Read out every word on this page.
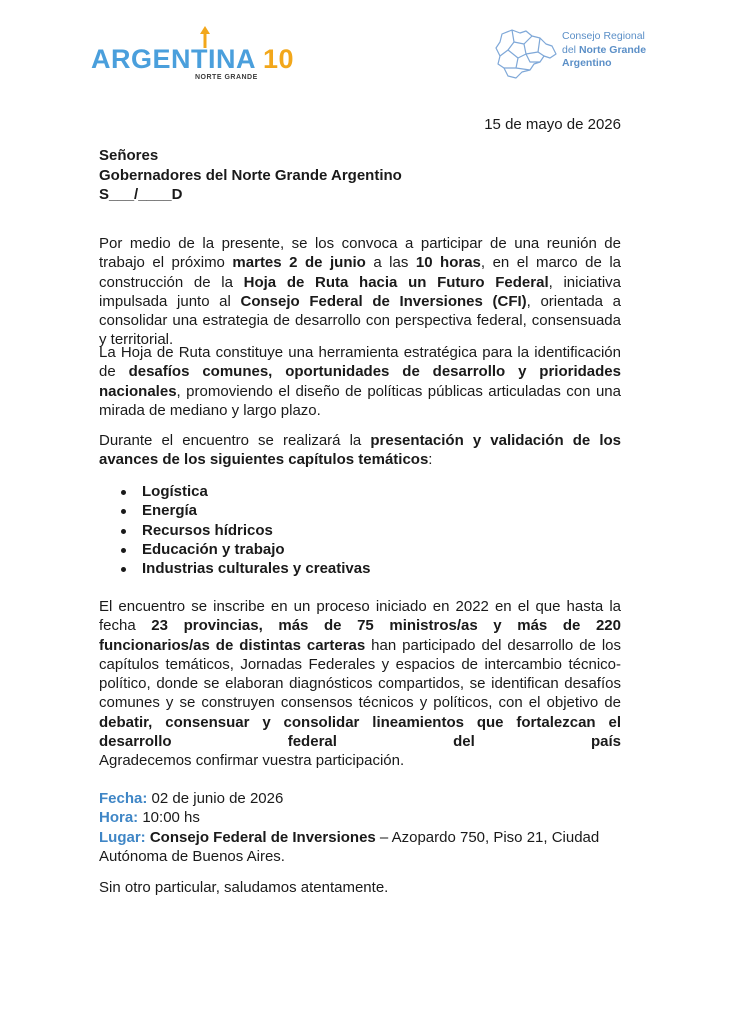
ARGENTINA 10
NORTE GRANDE
Consejo Regional
del Norte Grande
Argentino
15 de mayo de 2026
Señores
Gobernadores del Norte Grande Argentino
S___/____D
Por medio de la presente, se los convoca a participar de una reunión de trabajo el próximo martes 2 de junio a las 10 horas, en el marco de la construcción de la Hoja de Ruta hacia un Futuro Federal, iniciativa impulsada junto al Consejo Federal de Inversiones (CFI), orientada a consolidar una estrategia de desarrollo con perspectiva federal, consensuada y territorial.
La Hoja de Ruta constituye una herramienta estratégica para la identificación de desafíos comunes, oportunidades de desarrollo y prioridades nacionales, promoviendo el diseño de políticas públicas articuladas con una mirada de mediano y largo plazo.
Durante el encuentro se realizará la presentación y validación de los avances de los siguientes capítulos temáticos:
Logística
Energía
Recursos hídricos
Educación y trabajo
Industrias culturales y creativas
El encuentro se inscribe en un proceso iniciado en 2022 en el que hasta la fecha 23 provincias, más de 75 ministros/as y más de 220 funcionarios/as de distintas carteras han participado del desarrollo de los capítulos temáticos, Jornadas Federales y espacios de intercambio técnico-político, donde se elaboran diagnósticos compartidos, se identifican desafíos comunes y se construyen consensos técnicos y políticos, con el objetivo de debatir, consensuar y consolidar lineamientos que fortalezcan el desarrollo federal del país
Agradecemos confirmar vuestra participación.
Fecha: 02 de junio de 2026
Hora: 10:00 hs
Lugar: Consejo Federal de Inversiones – Azopardo 750, Piso 21, Ciudad Autónoma de Buenos Aires.
Sin otro particular, saludamos atentamente.
